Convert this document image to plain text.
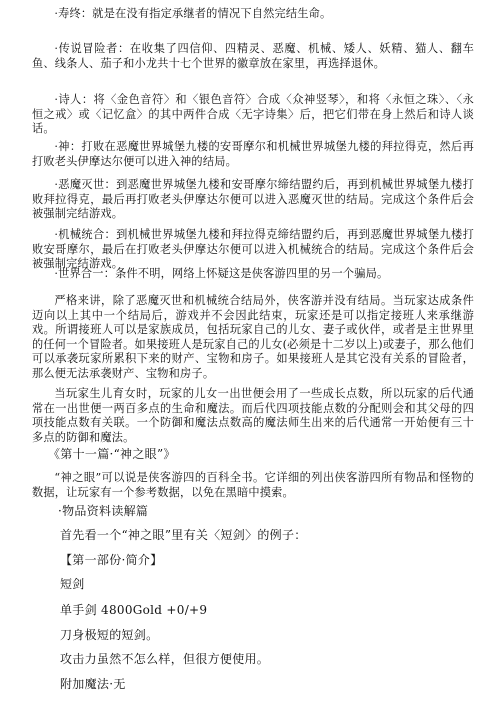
·寿终：就是在没有指定承继者的情况下自然完结生命。

·传说冒险者：在收集了四信仰、四精灵、恶魔、机械、矮人、妖精、猫人、翻车鱼、线条人、茄子和小龙共十七个世界的徽章放在家里，再选择退休。

·诗人：将〈金色音符〉和〈银色音符〉合成〈众神竖琴〉，和将〈永恒之珠〉、〈永恒之戒〉或〈记忆盒〉的其中两件合成〈无字诗集〉后，把它们带在身上然后和诗人谈话。

·神：打败在恶魔世界城堡九楼的安哥摩尔和机械世界城堡九楼的拜拉得克，然后再打败老头伊摩达尔便可以进入神的结局。

·恶魔灭世：到恶魔世界城堡九楼和安哥摩尔缔结盟约后，再到机械世界城堡九楼打败拜拉得克，最后再打败老头伊摩达尔便可以进入恶魔灭世的结局。完成这个条件后会被强制完结游戏。

·机械统合：到机械世界城堡九楼和拜拉得克缔结盟约后，再到恶魔世界城堡九楼打败安哥摩尔，最后在打败老头伊摩达尔便可以进入机械统合的结局。完成这个条件后会被强制完结游戏。

·世界合一：条件不明，网络上怀疑这是侠客游四里的另一个骗局。

严格来讲，除了恶魔灭世和机械统合结局外，侠客游并没有结局。当玩家达成条件迈向以上其中一个结局后，游戏并不会因此结束，玩家还是可以指定接班人来承继游戏。所谓接班人可以是家族成员，包括玩家自己的儿女、妻子或伙伴，或者是主世界里的任何一个冒险者。如果接班人是玩家自己的儿女(必须是十二岁以上)或妻子，那么他们可以承袭玩家所累积下来的财产、宝物和房子。如果接班人是其它没有关系的冒险者，那么便无法承袭财产、宝物和房子。

当玩家生儿育女时，玩家的儿女一出世便会用了一些成长点数，所以玩家的后代通常在一出世便一两百多点的生命和魔法。而后代四项技能点数的分配则会和其父母的四项技能点数有关联。一个防御和魔法点数高的魔法师生出来的后代通常一开始便有三十多点的防御和魔法。

《第十一篇·“神之眼”》

“神之眼”可以说是侠客游四的百科全书。它详细的列出侠客游四所有物品和怪物的数据，让玩家有一个参考数据，以免在黑暗中摸索。

·物品资料读解篇

首先看一个“神之眼”里有关〈短剑〉的例子：

【第一部份·简介】

短剑

单手剑 4800Gold +0/+9

刀身极短的短剑。

攻击力虽然不怎么样，但很方便使用。

附加魔法·无
